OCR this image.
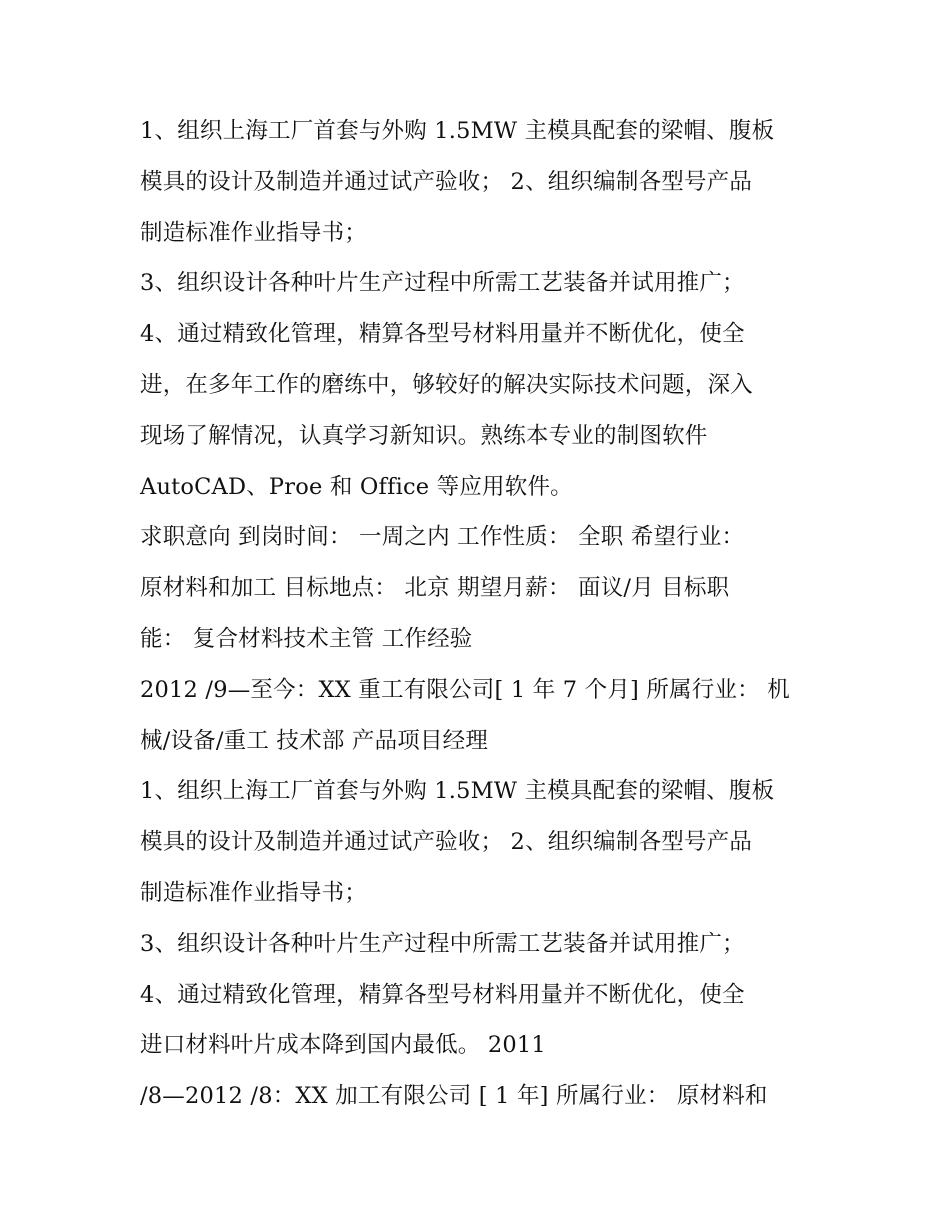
1、组织上海工厂首套与外购 1.5MW 主模具配套的梁帽、腹板
模具的设计及制造并通过试产验收； 2、组织编制各型号产品
制造标准作业指导书；
3、组织设计各种叶片生产过程中所需工艺装备并试用推广；
4、通过精致化管理，精算各型号材料用量并不断优化，使全
进，在多年工作的磨练中，够较好的解决实际技术问题，深入
现场了解情况，认真学习新知识。熟练本专业的制图软件
AutoCAD、Proe 和 Office 等应用软件。
求职意向 到岗时间： 一周之内 工作性质： 全职 希望行业：
原材料和加工 目标地点： 北京 期望月薪： 面议/月 目标职
能： 复合材料技术主管 工作经验
2012 /9—至今：XX 重工有限公司[ 1 年 7 个月] 所属行业： 机
械/设备/重工 技术部 产品项目经理
1、组织上海工厂首套与外购 1.5MW 主模具配套的梁帽、腹板
模具的设计及制造并通过试产验收； 2、组织编制各型号产品
制造标准作业指导书；
3、组织设计各种叶片生产过程中所需工艺装备并试用推广；
4、通过精致化管理，精算各型号材料用量并不断优化，使全
进口材料叶片成本降到国内最低。 2011
/8—2012 /8：XX 加工有限公司 [ 1 年] 所属行业： 原材料和
